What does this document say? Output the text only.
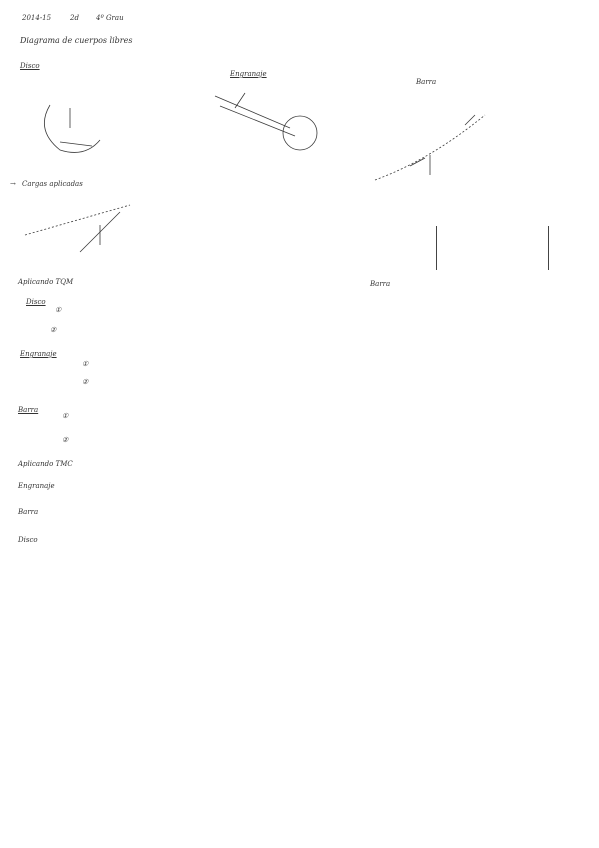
2014-15	2d 4º Grau
Diagrama de cuerpos libres
Disco
Engranaje
Barra
→ Cargas aplicadas
Aplicando TQM	Barra
Disco
①
②
Engranaje
①
②
Barra
①
②
Aplicando TMC
Engranaje
Barra
Disco
